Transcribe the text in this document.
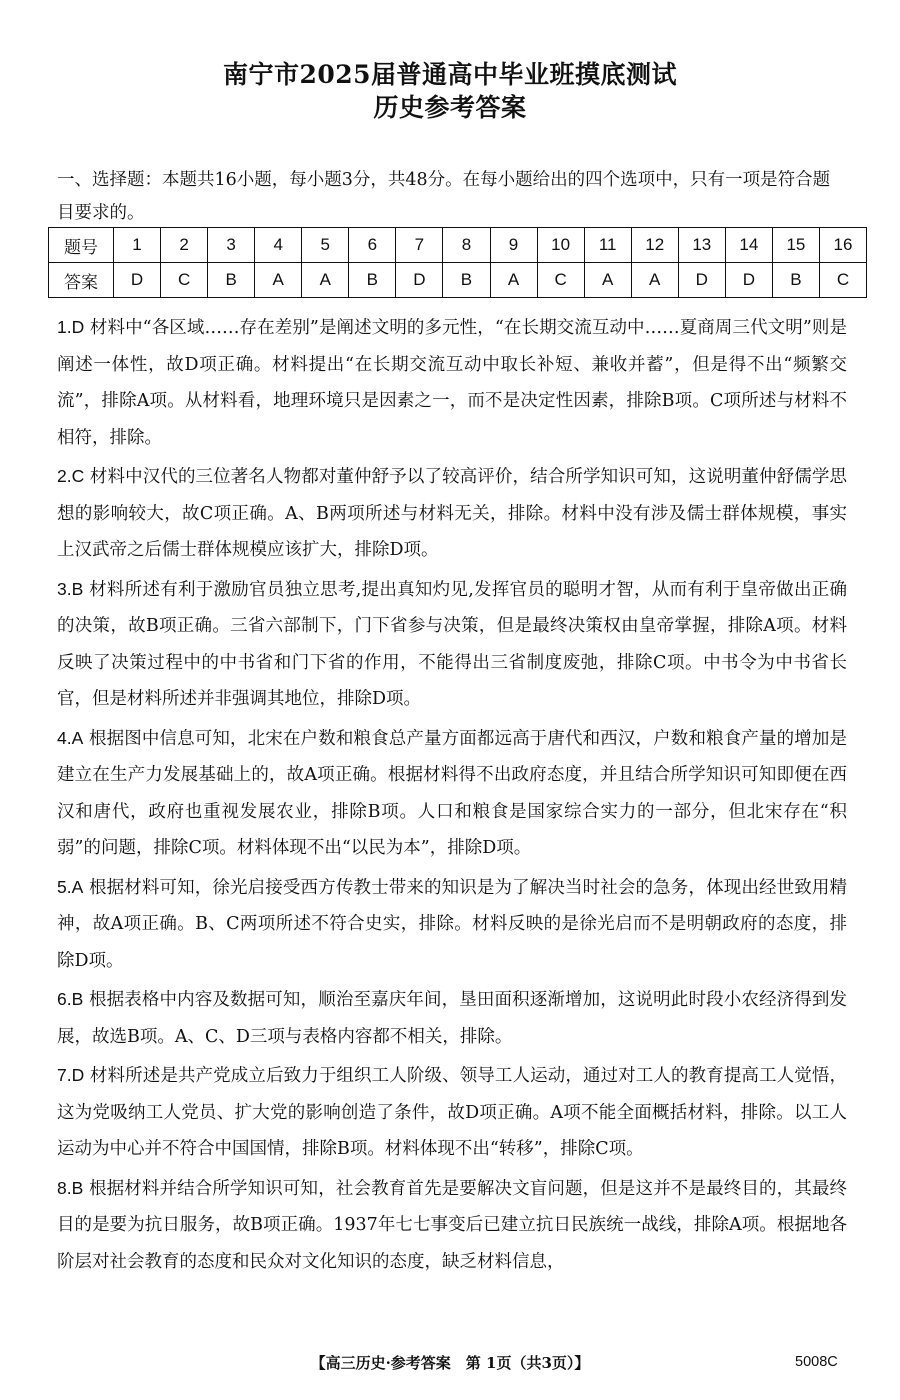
南宁市2025届普通高中毕业班摸底测试
历史参考答案
一、选择题：本题共16小题，每小题3分，共48分。在每小题给出的四个选项中，只有一项是符合题目要求的。
题号	1	2	3	4	5	6	7	8	9	10	11	12	13	14	15	16
答案	D	C	B	A	A	B	D	B	A	C	A	A	D	D	B	C
1.D 材料中“各区域……存在差别”是阐述文明的多元性，“在长期交流互动中……夏商周三代文明”则是阐述一体性，故D项正确。材料提出“在长期交流互动中取长补短、兼收并蓄”，但是得不出“频繁交流”，排除A项。从材料看，地理环境只是因素之一，而不是决定性因素，排除B项。C项所述与材料不相符，排除。
2.C 材料中汉代的三位著名人物都对董仲舒予以了较高评价，结合所学知识可知，这说明董仲舒儒学思想的影响较大，故C项正确。A、B两项所述与材料无关，排除。材料中没有涉及儒士群体规模，事实上汉武帝之后儒士群体规模应该扩大，排除D项。
3.B 材料所述有利于激励官员独立思考,提出真知灼见,发挥官员的聪明才智，从而有利于皇帝做出正确的决策，故B项正确。三省六部制下，门下省参与决策，但是最终决策权由皇帝掌握，排除A项。材料反映了决策过程中的中书省和门下省的作用，不能得出三省制度废弛，排除C项。中书令为中书省长官，但是材料所述并非强调其地位，排除D项。
4.A 根据图中信息可知，北宋在户数和粮食总产量方面都远高于唐代和西汉，户数和粮食产量的增加是建立在生产力发展基础上的，故A项正确。根据材料得不出政府态度，并且结合所学知识可知即便在西汉和唐代，政府也重视发展农业，排除B项。人口和粮食是国家综合实力的一部分，但北宋存在“积弱”的问题，排除C项。材料体现不出“以民为本”，排除D项。
5.A 根据材料可知，徐光启接受西方传教士带来的知识是为了解决当时社会的急务，体现出经世致用精神，故A项正确。B、C两项所述不符合史实，排除。材料反映的是徐光启而不是明朝政府的态度，排除D项。
6.B 根据表格中内容及数据可知，顺治至嘉庆年间，垦田面积逐渐增加，这说明此时段小农经济得到发展，故选B项。A、C、D三项与表格内容都不相关，排除。
7.D 材料所述是共产党成立后致力于组织工人阶级、领导工人运动，通过对工人的教育提高工人觉悟，这为党吸纳工人党员、扩大党的影响创造了条件，故D项正确。A项不能全面概括材料，排除。以工人运动为中心并不符合中国国情，排除B项。材料体现不出“转移”，排除C项。
8.B 根据材料并结合所学知识可知，社会教育首先是要解决文盲问题，但是这并不是最终目的，其最终目的是要为抗日服务，故B项正确。1937年七七事变后已建立抗日民族统一战线，排除A项。根据地各阶层对社会教育的态度和民众对文化知识的态度，缺乏材料信息，
【高三历史·参考答案　第 1页（共3页）】	5008C
